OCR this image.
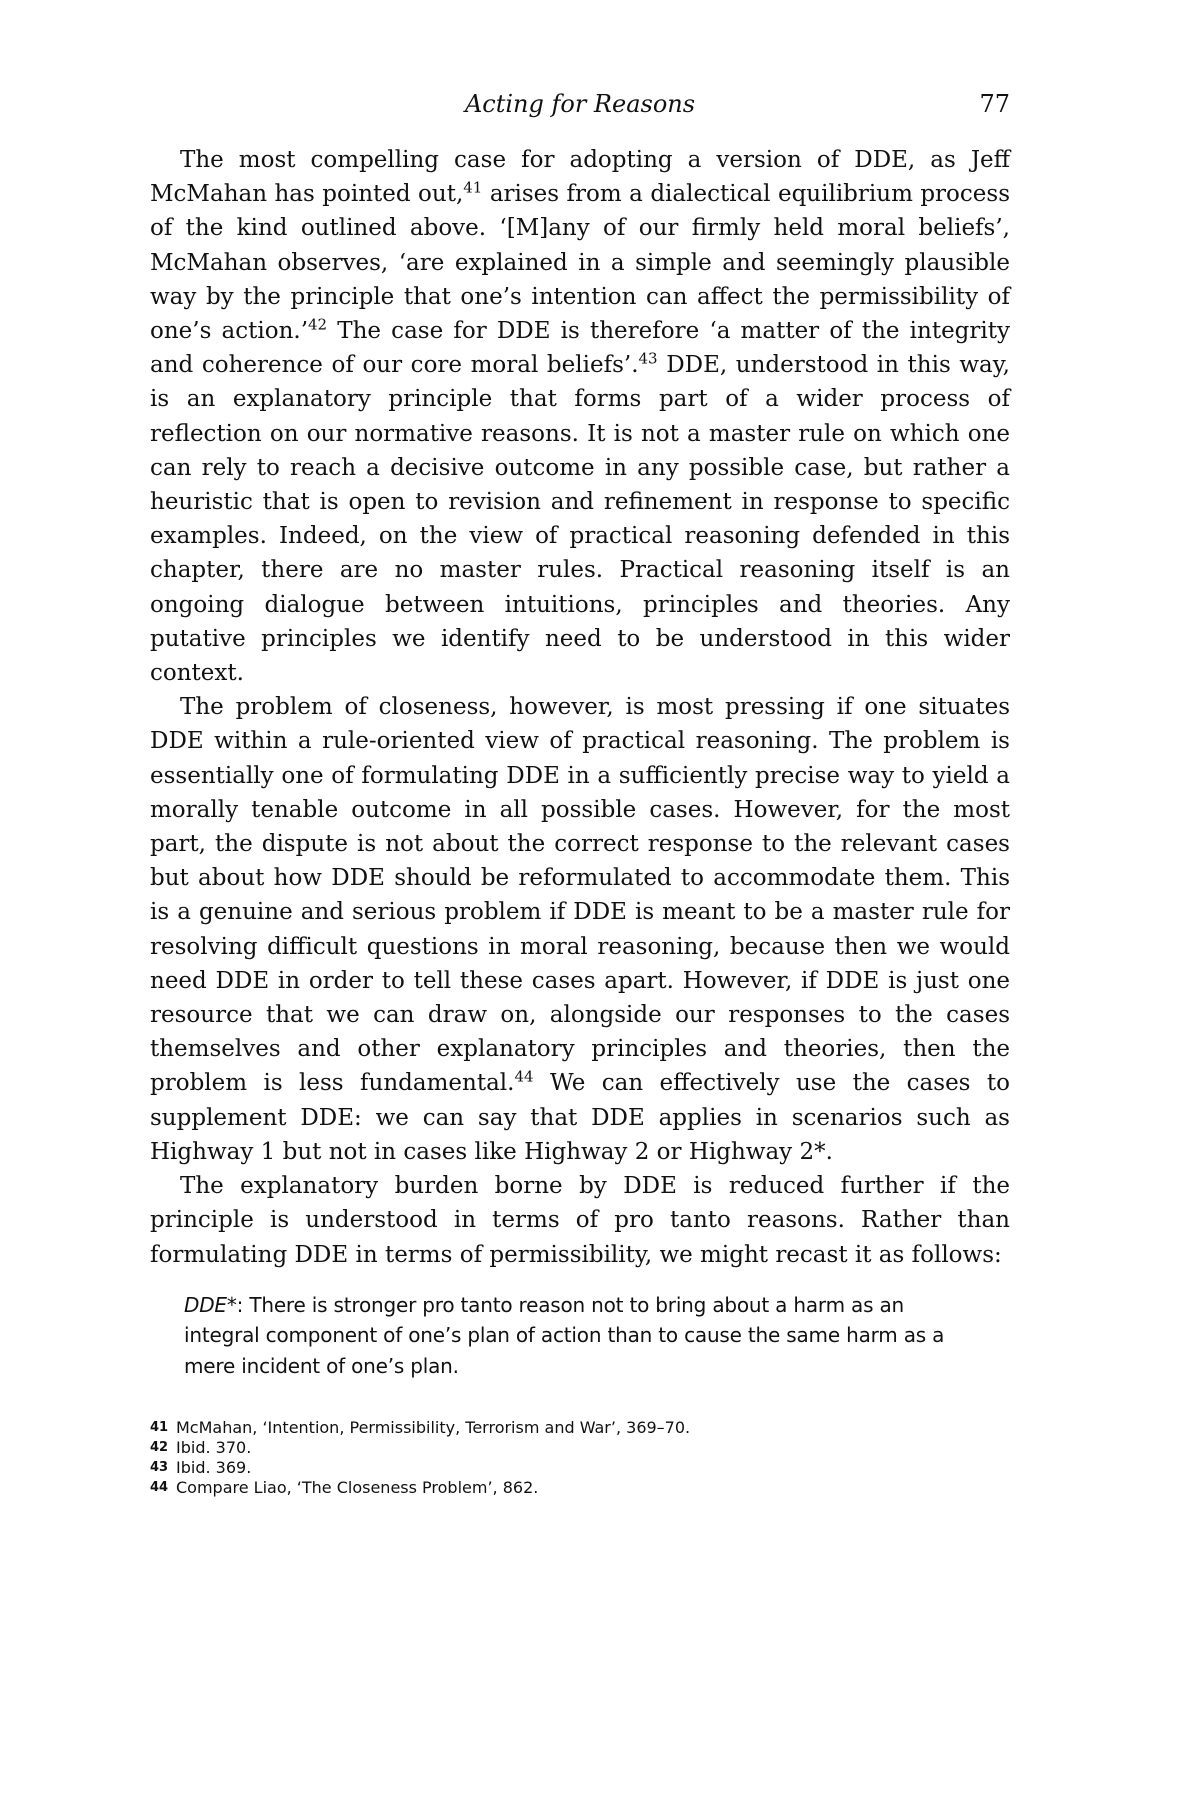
Acting for Reasons	77

The most compelling case for adopting a version of DDE, as Jeff McMahan has pointed out,$^{41}$ arises from a dialectical equilibrium process of the kind outlined above. ‘[M]any of our firmly held moral beliefs’, McMahan observes, ‘are explained in a simple and seemingly plausible way by the principle that one’s intention can affect the permissibility of one’s action.’$^{42}$ The case for DDE is therefore ‘a matter of the integrity and coherence of our core moral beliefs’.$^{43}$ DDE, understood in this way, is an explanatory principle that forms part of a wider process of reflection on our normative reasons. It is not a master rule on which one can rely to reach a decisive outcome in any possible case, but rather a heuristic that is open to revision and refinement in response to specific examples. Indeed, on the view of practical reasoning defended in this chapter, there are no master rules. Practical reasoning itself is an ongoing dialogue between intuitions, principles and theories. Any putative principles we identify need to be understood in this wider context.

The problem of closeness, however, is most pressing if one situates DDE within a rule-oriented view of practical reasoning. The problem is essentially one of formulating DDE in a sufficiently precise way to yield a morally tenable outcome in all possible cases. However, for the most part, the dispute is not about the correct response to the relevant cases but about how DDE should be reformulated to accommodate them. This is a genuine and serious problem if DDE is meant to be a master rule for resolving difficult questions in moral reasoning, because then we would need DDE in order to tell these cases apart. However, if DDE is just one resource that we can draw on, alongside our responses to the cases themselves and other explanatory principles and theories, then the problem is less fundamental.$^{44}$ We can effectively use the cases to supplement DDE: we can say that DDE applies in scenarios such as Highway 1 but not in cases like Highway 2 or Highway 2*.

The explanatory burden borne by DDE is reduced further if the principle is understood in terms of pro tanto reasons. Rather than formulating DDE in terms of permissibility, we might recast it as follows:

DDE*: There is stronger pro tanto reason not to bring about a harm as an integral component of one’s plan of action than to cause the same harm as a mere incident of one’s plan.

41 McMahan, ‘Intention, Permissibility, Terrorism and War’, 369–70.

42 Ibid. 370.

43 Ibid. 369.

44 Compare Liao, ‘The Closeness Problem’, 862.
